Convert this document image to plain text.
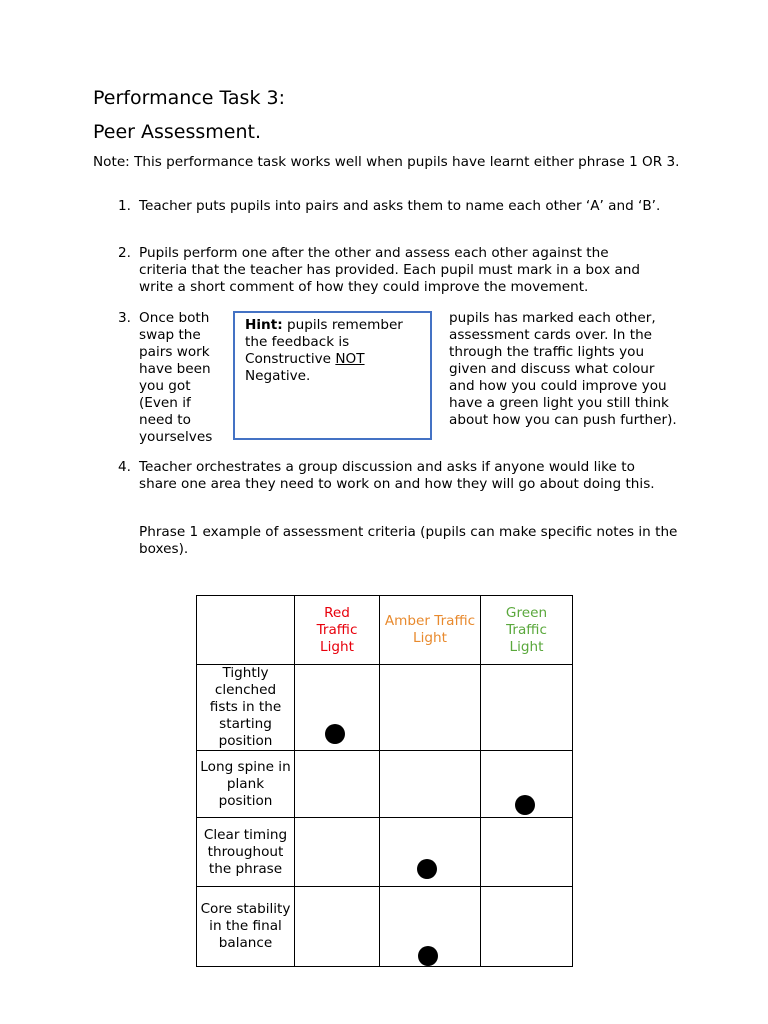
Performance Task 3:
Peer Assessment.
Note: This performance task works well when pupils have learnt either phrase 1 OR 3.
1. Teacher puts pupils into pairs and asks them to name each other ‘A’ and ‘B’.
2. Pupils perform one after the other and assess each other against the criteria that the teacher has provided. Each pupil must mark in a box and write a short comment of how they could improve the movement.
3. Once both swap the pairs work have been you got (Even if need to yourselves
pupils has marked each other, assessment cards over. In the through the traffic lights you given and discuss what colour and how you could improve you have a green light you still think about how you can push further).
Hint: pupils remember the feedback is Constructive NOT Negative.
4. Teacher orchestrates a group discussion and asks if anyone would like to share one area they need to work on and how they will go about doing this.
Phrase 1 example of assessment criteria (pupils can make specific notes in the boxes).
	Red Traffic Light	Amber Traffic Light	Green Traffic Light
Tightly clenched fists in the starting position	

Long spine in plank position			

Clear timing throughout the phrase		

Core stability in the final balance		
